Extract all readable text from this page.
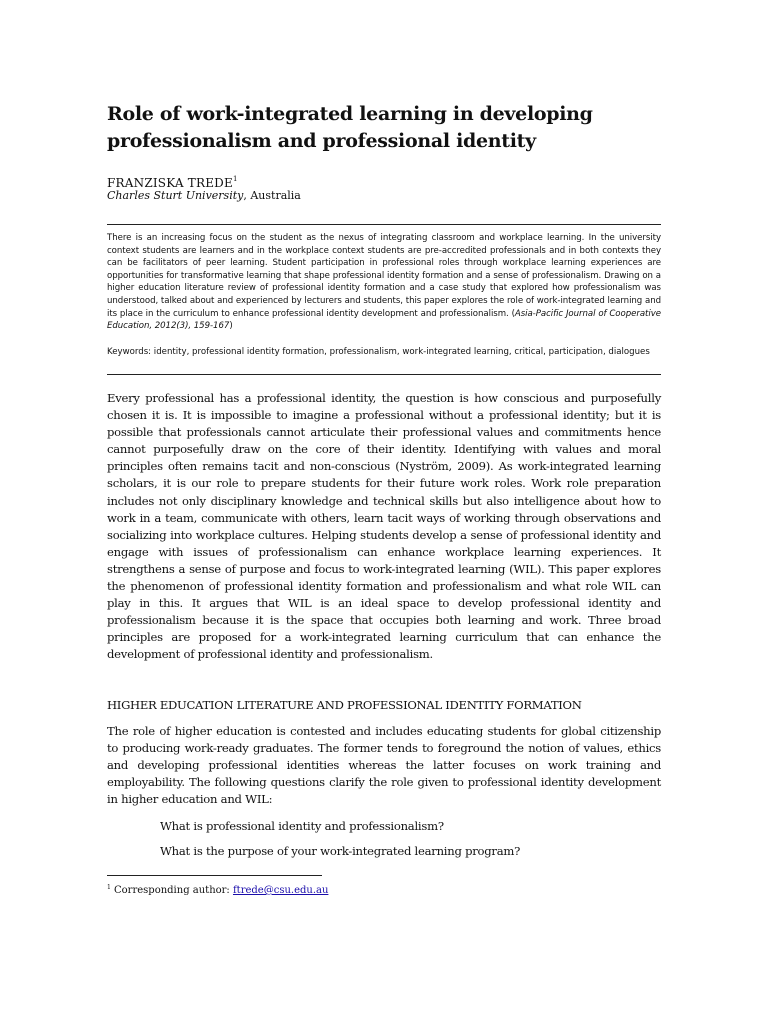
Role of work-integrated learning in developing professionalism and professional identity
FRANZISKA TREDE$^1$
Charles Sturt University, Australia

There is an increasing focus on the student as the nexus of integrating classroom and workplace learning. In the university context students are learners and in the workplace context students are pre-accredited professionals and in both contexts they can be facilitators of peer learning. Student participation in professional roles through workplace learning experiences are opportunities for transformative learning that shape professional identity formation and a sense of professionalism. Drawing on a higher education literature review of professional identity formation and a case study that explored how professionalism was understood, talked about and experienced by lecturers and students, this paper explores the role of work-integrated learning and its place in the curriculum to enhance professional identity development and professionalism. (Asia-Pacific Journal of Cooperative Education, 2012(3), 159-167)

Keywords: identity, professional identity formation, professionalism, work-integrated learning, critical, participation, dialogues

Every professional has a professional identity, the question is how conscious and purposefully chosen it is. It is impossible to imagine a professional without a professional identity; but it is possible that professionals cannot articulate their professional values and commitments hence cannot purposefully draw on the core of their identity. Identifying with values and moral principles often remains tacit and non-conscious (Nyström, 2009). As work-integrated learning scholars, it is our role to prepare students for their future work roles. Work role preparation includes not only disciplinary knowledge and technical skills but also intelligence about how to work in a team, communicate with others, learn tacit ways of working through observations and socializing into workplace cultures. Helping students develop a sense of professional identity and engage with issues of professionalism can enhance workplace learning experiences. It strengthens a sense of purpose and focus to work-integrated learning (WIL). This paper explores the phenomenon of professional identity formation and professionalism and what role WIL can play in this. It argues that WIL is an ideal space to develop professional identity and professionalism because it is the space that occupies both learning and work. Three broad principles are proposed for a work-integrated learning curriculum that can enhance the development of professional identity and professionalism.

HIGHER EDUCATION LITERATURE AND PROFESSIONAL IDENTITY FORMATION

The role of higher education is contested and includes educating students for global citizenship to producing work-ready graduates. The former tends to foreground the notion of values, ethics and developing professional identities whereas the latter focuses on work training and employability. The following questions clarify the role given to professional identity development in higher education and WIL:

What is professional identity and professionalism?

What is the purpose of your work-integrated learning program?

$^1$ Corresponding author: ftrede@csu.edu.au
